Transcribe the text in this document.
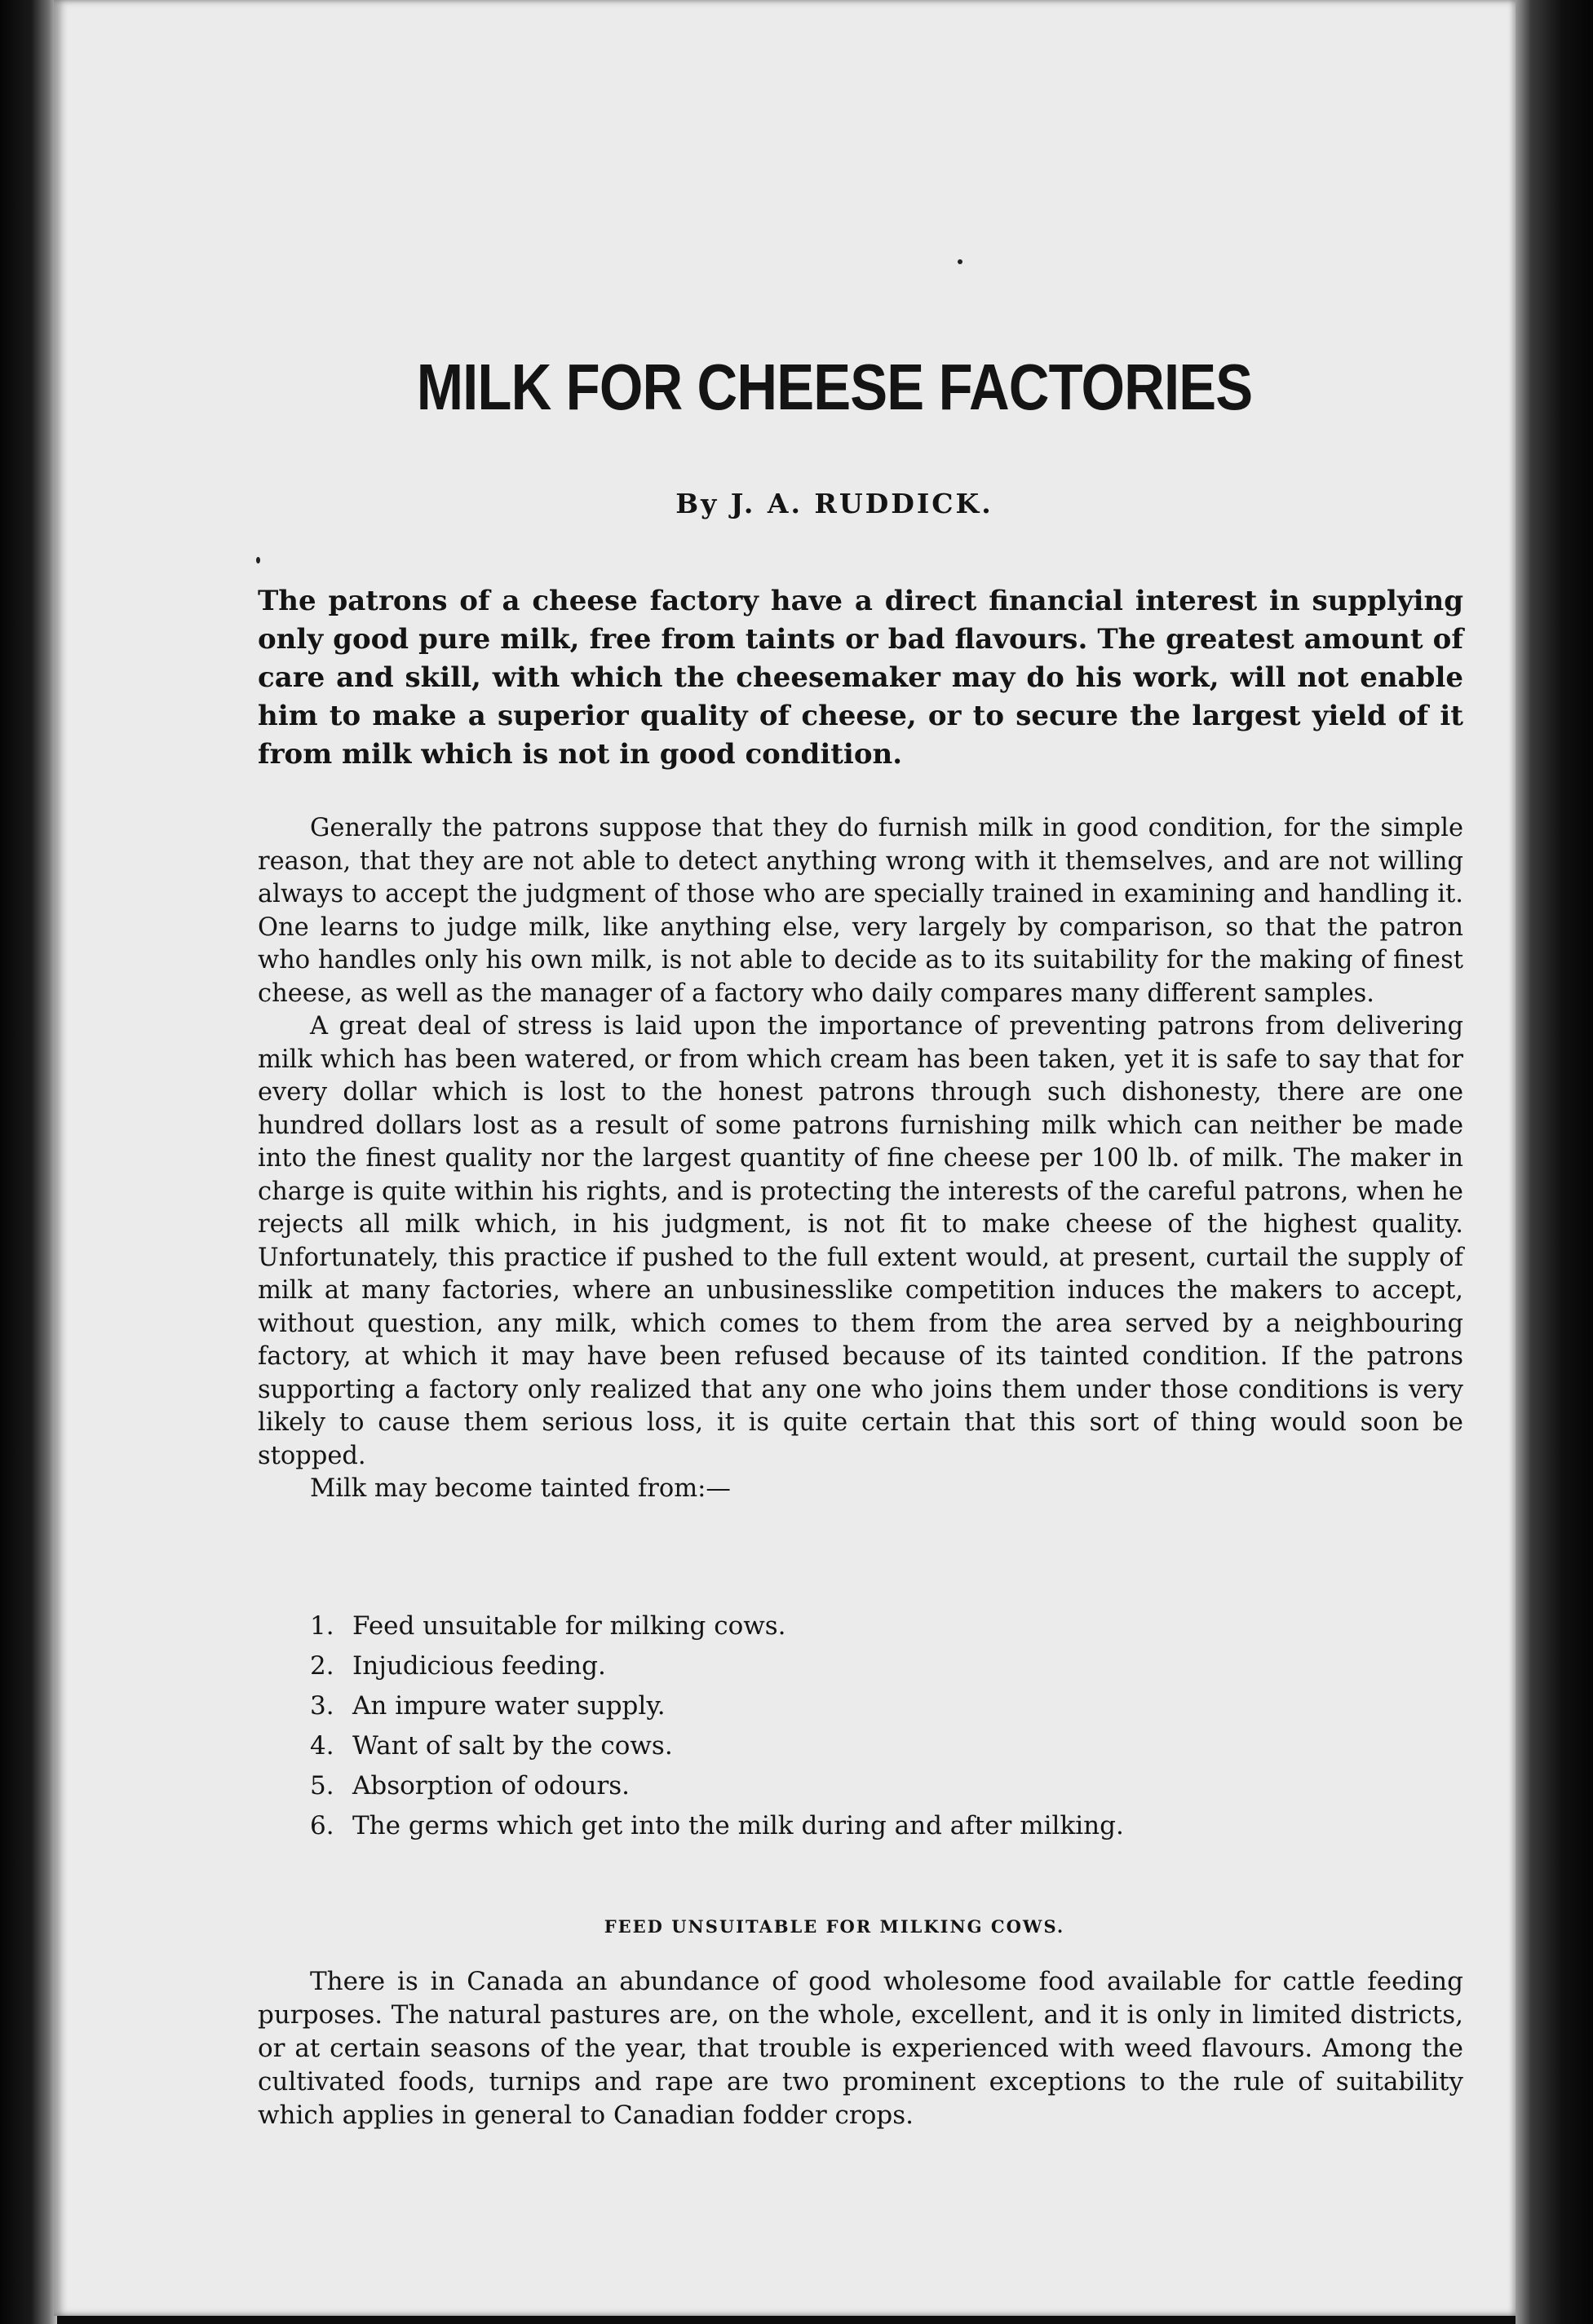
MILK FOR CHEESE FACTORIES
By J. A. RUDDICK.

The patrons of a cheese factory have a direct financial interest in supplying only good pure milk, free from taints or bad flavours. The greatest amount of care and skill, with which the cheesemaker may do his work, will not enable him to make a superior quality of cheese, or to secure the largest yield of it from milk which is not in good condition.

Generally the patrons suppose that they do furnish milk in good condition, for the simple reason, that they are not able to detect anything wrong with it themselves, and are not willing always to accept the judgment of those who are specially trained in examining and handling it. One learns to judge milk, like anything else, very largely by comparison, so that the patron who handles only his own milk, is not able to decide as to its suitability for the making of finest cheese, as well as the manager of a factory who daily compares many different samples.

A great deal of stress is laid upon the importance of preventing patrons from delivering milk which has been watered, or from which cream has been taken, yet it is safe to say that for every dollar which is lost to the honest patrons through such dishonesty, there are one hundred dollars lost as a result of some patrons furnishing milk which can neither be made into the finest quality nor the largest quantity of fine cheese per 100 lb. of milk. The maker in charge is quite within his rights, and is protecting the interests of the careful patrons, when he rejects all milk which, in his judgment, is not fit to make cheese of the highest quality. Unfortunately, this practice if pushed to the full extent would, at present, curtail the supply of milk at many factories, where an unbusinesslike competition induces the makers to accept, without question, any milk, which comes to them from the area served by a neighbouring factory, at which it may have been refused because of its tainted condition. If the patrons supporting a factory only realized that any one who joins them under those conditions is very likely to cause them serious loss, it is quite certain that this sort of thing would soon be stopped.

Milk may become tainted from:—

1. Feed unsuitable for milking cows.
2. Injudicious feeding.
3. An impure water supply.
4. Want of salt by the cows.
5. Absorption of odours.
6. The germs which get into the milk during and after milking.
FEED UNSUITABLE FOR MILKING COWS.

There is in Canada an abundance of good wholesome food available for cattle feeding purposes. The natural pastures are, on the whole, excellent, and it is only in limited districts, or at certain seasons of the year, that trouble is experienced with weed flavours. Among the cultivated foods, turnips and rape are two prominent exceptions to the rule of suitability which applies in general to Canadian fodder crops.
